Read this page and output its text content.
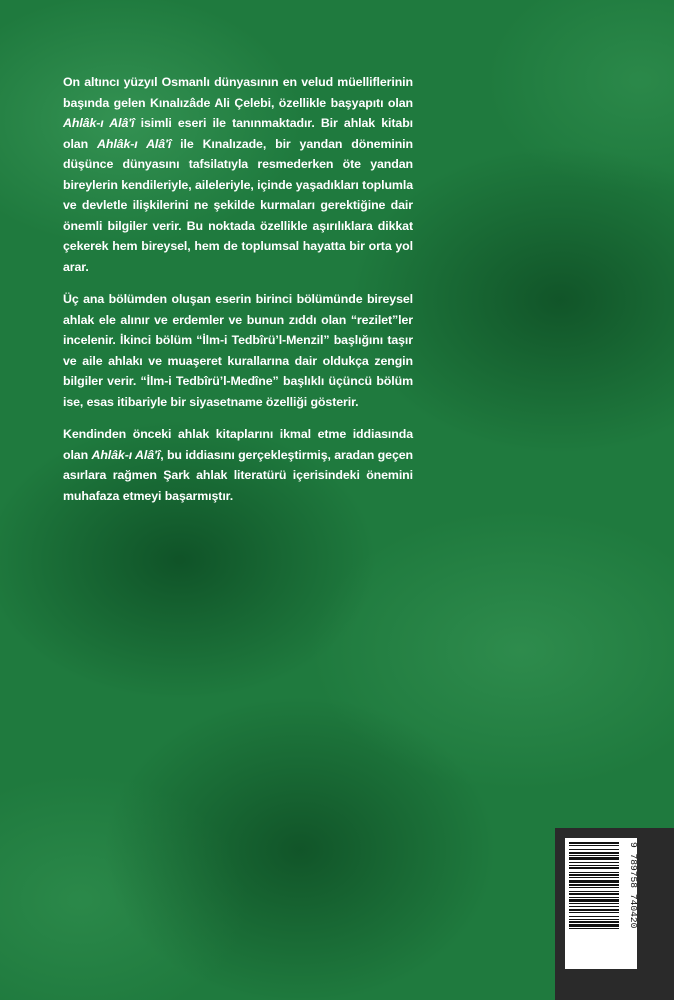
On altıncı yüzyıl Osmanlı dünyasının en velud müelliflerinin başında gelen Kınalızâde Ali Çelebi, özellikle başyapıtı olan Ahlâk-ı Alâ'î isimli eseri ile tanınmaktadır. Bir ahlak kitabı olan Ahlâk-ı Alâ'î ile Kınalızade, bir yandan döneminin düşünce dünyasını tafsilatıyla resmederken öte yandan bireylerin kendileriyle, aileleriyle, içinde yaşadıkları toplumla ve devletle ilişkilerini ne şekilde kurmaları gerektiğine dair önemli bilgiler verir. Bu noktada özellikle aşırılıklara dikkat çekerek hem bireysel, hem de toplumsal hayatta bir orta yol arar.

Üç ana bölümden oluşan eserin birinci bölümünde bireysel ahlak ele alınır ve erdemler ve bunun zıddı olan “rezilet”ler incelenir. İkinci bölüm “İlm-i Tedbîrü’l-Menzil” başlığını taşır ve aile ahlakı ve muaşeret kurallarına dair oldukça zengin bilgiler verir. “İlm-i Tedbîrü’l-Medîne” başlıklı üçüncü bölüm ise, esas itibariyle bir siyasetname özelliği gösterir.

Kendinden önceki ahlak kitaplarını ikmal etme iddiasında olan Ahlâk-ı Alâ'î, bu iddiasını gerçekleştirmiş, aradan geçen asırlara rağmen Şark ahlak literatürü içerisindeki önemini muhafaza etmeyi başarmıştır.

9 789758 740420
